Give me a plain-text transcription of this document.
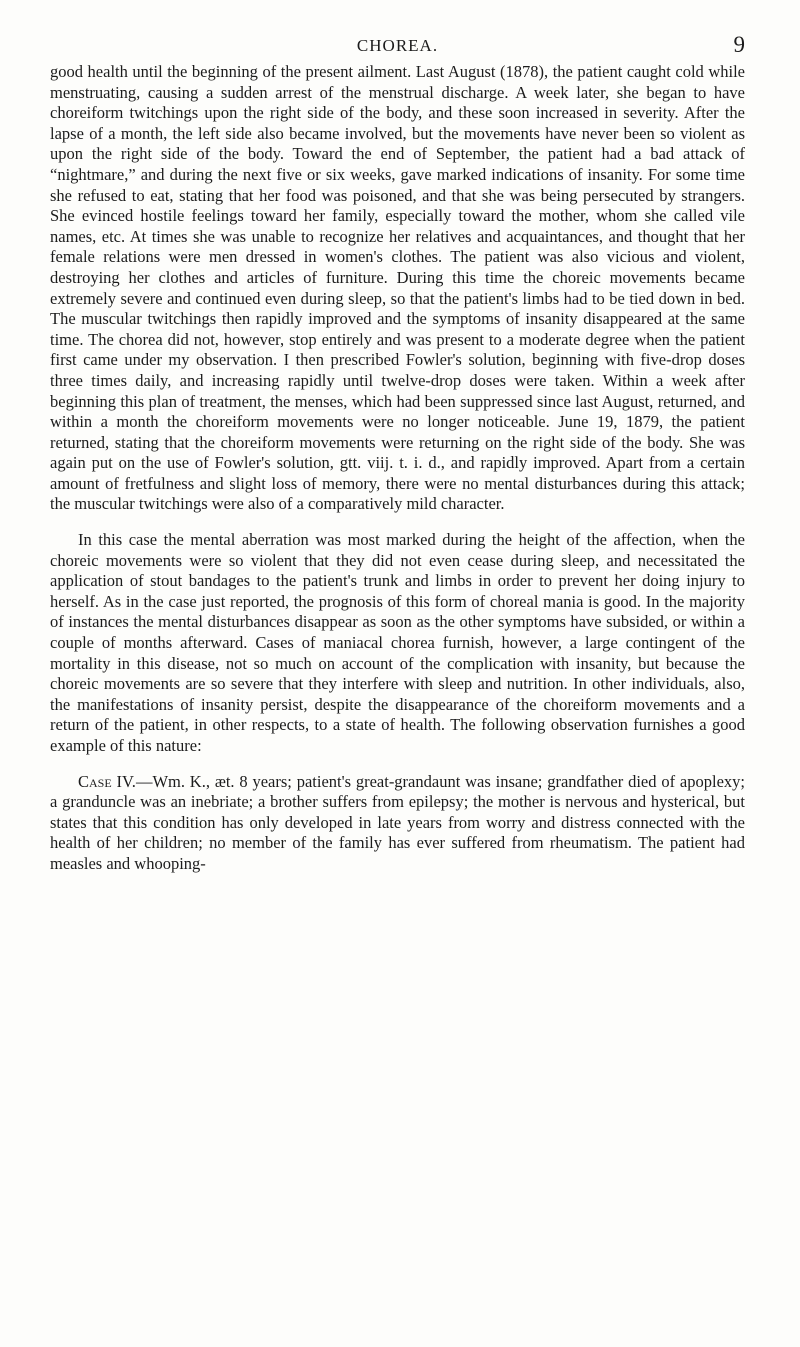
CHOREA.	9

good health until the beginning of the present ailment. Last August (1878), the patient caught cold while menstruating, causing a sudden arrest of the menstrual discharge. A week later, she began to have choreiform twitchings upon the right side of the body, and these soon increased in severity. After the lapse of a month, the left side also became involved, but the movements have never been so violent as upon the right side of the body. Toward the end of September, the patient had a bad attack of “nightmare,” and during the next five or six weeks, gave marked indications of insanity. For some time she refused to eat, stating that her food was poisoned, and that she was being persecuted by strangers. She evinced hostile feelings toward her family, especially toward the mother, whom she called vile names, etc. At times she was unable to recognize her relatives and acquaintances, and thought that her female relations were men dressed in women's clothes. The patient was also vicious and violent, destroying her clothes and articles of furniture. During this time the choreic movements became extremely severe and continued even during sleep, so that the patient's limbs had to be tied down in bed. The muscular twitchings then rapidly improved and the symptoms of insanity disappeared at the same time. The chorea did not, however, stop entirely and was present to a moderate degree when the patient first came under my observation. I then prescribed Fowler's solution, beginning with five-drop doses three times daily, and increasing rapidly until twelve-drop doses were taken. Within a week after beginning this plan of treatment, the menses, which had been suppressed since last August, returned, and within a month the choreiform movements were no longer noticeable. June 19, 1879, the patient returned, stating that the choreiform movements were returning on the right side of the body. She was again put on the use of Fowler's solution, gtt. viij. t. i. d., and rapidly improved. Apart from a certain amount of fretfulness and slight loss of memory, there were no mental disturbances during this attack; the muscular twitchings were also of a comparatively mild character.

In this case the mental aberration was most marked during the height of the affection, when the choreic movements were so violent that they did not even cease during sleep, and necessitated the application of stout bandages to the patient's trunk and limbs in order to prevent her doing injury to herself. As in the case just reported, the prognosis of this form of choreal mania is good. In the majority of instances the mental disturbances disappear as soon as the other symptoms have subsided, or within a couple of months afterward. Cases of maniacal chorea furnish, however, a large contingent of the mortality in this disease, not so much on account of the complication with insanity, but because the choreic movements are so severe that they interfere with sleep and nutrition. In other individuals, also, the manifestations of insanity persist, despite the disappearance of the choreiform movements and a return of the patient, in other respects, to a state of health. The following observation furnishes a good example of this nature:

Case IV.—Wm. K., æt. 8 years; patient's great-grandaunt was insane; grandfather died of apoplexy; a granduncle was an inebriate; a brother suffers from epilepsy; the mother is nervous and hysterical, but states that this condition has only developed in late years from worry and distress connected with the health of her children; no member of the family has ever suffered from rheumatism. The patient had measles and whooping-
